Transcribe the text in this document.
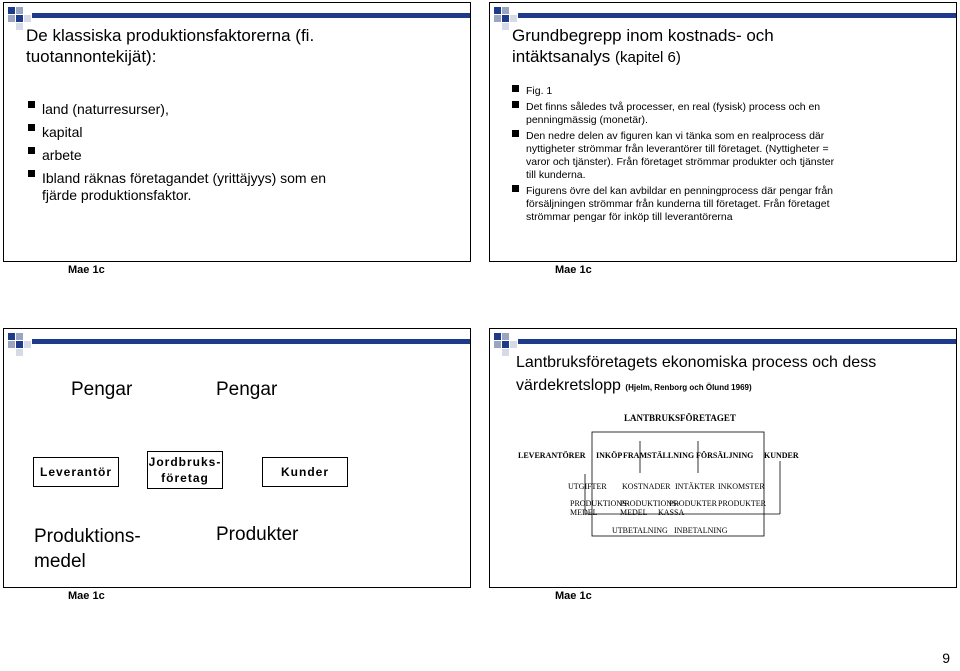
De klassiska produktionsfaktorerna (fi. tuotannontekijät):
land (naturresurser),
kapital
arbete
Ibland räknas företagandet (yrittäjyys) som en fjärde produktionsfaktor.
Mae 1c
Grundbegrepp inom kostnads- och intäktsanalys (kapitel 6)
Fig. 1
Det finns således två processer, en real (fysisk) process och en penningmässig (monetär).
Den nedre delen av figuren kan vi tänka som en realprocess där nyttigheter strömmar från leverantörer till företaget. (Nyttigheter = varor och tjänster). Från företaget strömmar produkter och tjänster till kunderna.
Figurens övre del kan avbildar en penningprocess där pengar från försäljningen strömmar från kunderna till företaget. Från företaget strömmar pengar för inköp till leverantörerna
Mae 1c
Pengar	Pengar
Leverantör
Jordbruks-företag	Kunder
Produktions-medel
Produkter
Mae 1c
Lantbruksföretagets ekonomiska process och dess värdekretslopp (Hjelm, Renborg och Ölund 1969)
LANTBRUKSFÖRETAGET
LEVERANTÖRER INKÖP FRAMSTÄLLNING FÖRSÄLJNING KUNDER
UTGIFTER KOSTNADER INTÄKTER INKOMSTER
PRODUKTIONS-MEDEL
PRODUKTIONS-MEDEL
PRODUKTER
KASSA
PRODUKTER
UTBETALNING INBETALNING
Mae 1c
9
